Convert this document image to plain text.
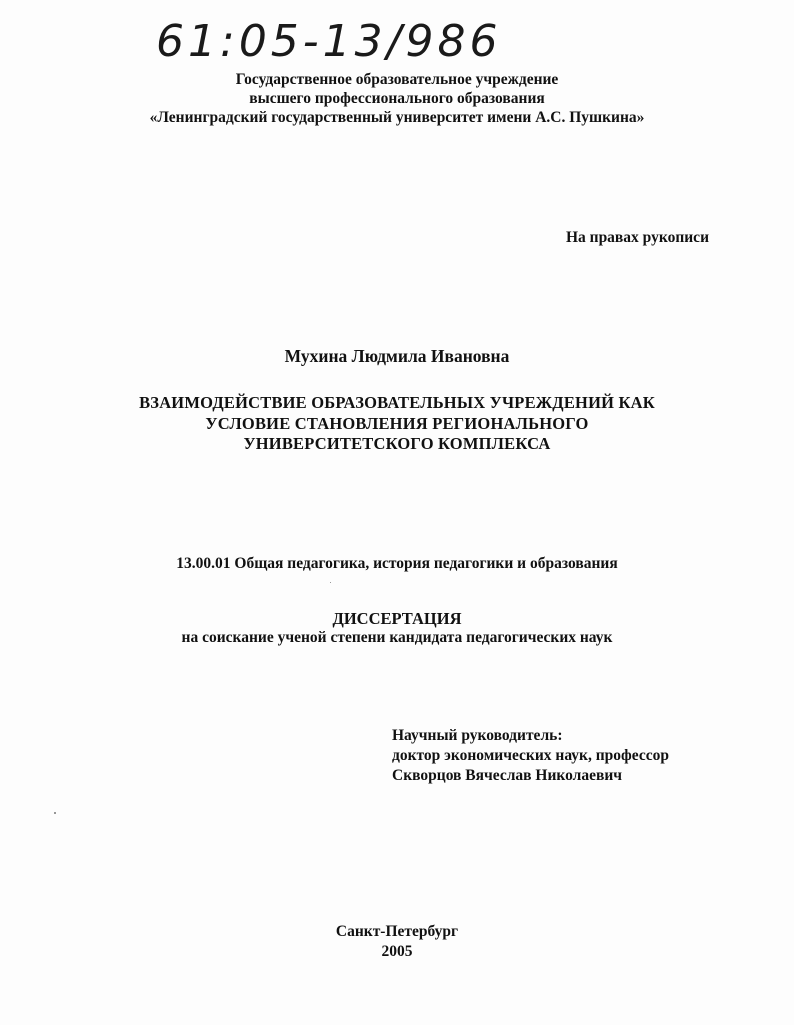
61:05-13/986
Государственное образовательное учреждение
высшего профессионального образования
«Ленинградский государственный университет имени А.С. Пушкина»
На правах рукописи
Мухина Людмила Ивановна
ВЗАИМОДЕЙСТВИЕ ОБРАЗОВАТЕЛЬНЫХ УЧРЕЖДЕНИЙ КАК
УСЛОВИЕ СТАНОВЛЕНИЯ РЕГИОНАЛЬНОГО
УНИВЕРСИТЕТСКОГО КОМПЛЕКСА
13.00.01 Общая педагогика, история педагогики и образования
ДИССЕРТАЦИЯ
на соискание ученой степени кандидата педагогических наук
Научный руководитель:
доктор экономических наук, профессор
Скворцов Вячеслав Николаевич
Санкт-Петербург
2005
